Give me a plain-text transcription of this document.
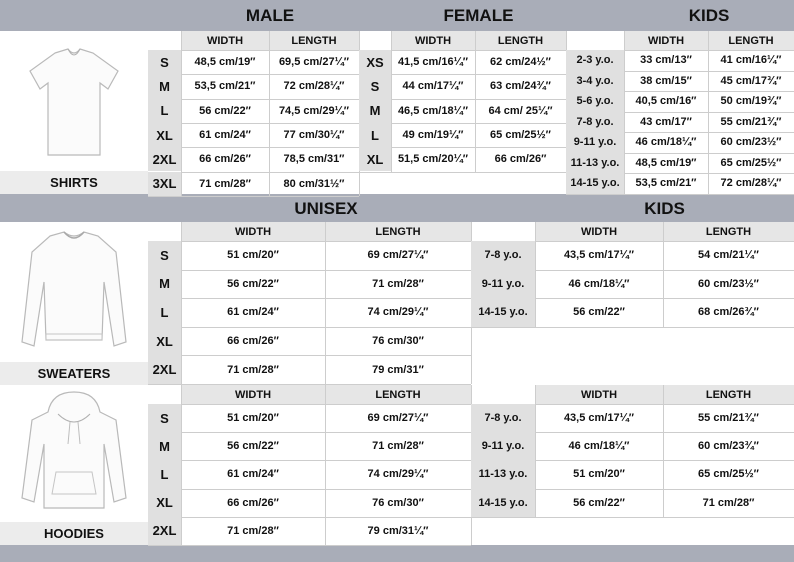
MALE	FEMALE	KIDS
UNISEX	KIDS
SHIRTS
SWEATERS
HOODIES
WIDTH	LENGTH
S	48,5 cm/19″	69,5 cm/27¼″
M	53,5 cm/21″	72 cm/28¼″
L	56 cm/22″	74,5 cm/29¼″
XL	61 cm/24″	77 cm/30¼″
2XL	66 cm/26″	78,5 cm/31″
3XL	71 cm/28″	80 cm/31½″
WIDTH	LENGTH
XS	41,5 cm/16¼″	62 cm/24½″
S	44 cm/17¼″	63 cm/24¾″
M	46,5 cm/18¼″	64 cm/ 25¼″
L	49 cm/19¼″	65 cm/25½″
XL	51,5 cm/20¼″	66 cm/26″
WIDTH	LENGTH
2-3 y.o.	33 cm/13″	41 cm/16¼″
3-4 y.o.	38 cm/15″	45 cm/17¾″
5-6 y.o.	40,5 cm/16″	50 cm/19¾″
7-8 y.o.	43 cm/17″	55 cm/21¾″
9-11 y.o.	46 cm/18¼″	60 cm/23½″
11-13 y.o.	48,5 cm/19″	65 cm/25½″
14-15 y.o.	53,5 cm/21″	72 cm/28¼″
WIDTH	LENGTH
S	51 cm/20″	69 cm/27¼″
M	56 cm/22″	71 cm/28″
L	61 cm/24″	74 cm/29¼″
XL	66 cm/26″	76 cm/30″
2XL	71 cm/28″	79 cm/31″
WIDTH	LENGTH
7-8 y.o.	43,5 cm/17¼″	54 cm/21¼″
9-11 y.o.	46 cm/18¼″	60 cm/23½″
14-15 y.o.	56 cm/22″	68 cm/26¾″
WIDTH	LENGTH
S	51 cm/20″	69 cm/27¼″
M	56 cm/22″	71 cm/28″
L	61 cm/24″	74 cm/29¼″
XL	66 cm/26″	76 cm/30″
2XL	71 cm/28″	79 cm/31¼″
WIDTH	LENGTH
7-8 y.o.	43,5 cm/17¼″	55 cm/21¾″
9-11 y.o.	46 cm/18¼″	60 cm/23¾″
11-13 y.o.	51 cm/20″	65 cm/25½″
14-15 y.o.	56 cm/22″	71 cm/28″
